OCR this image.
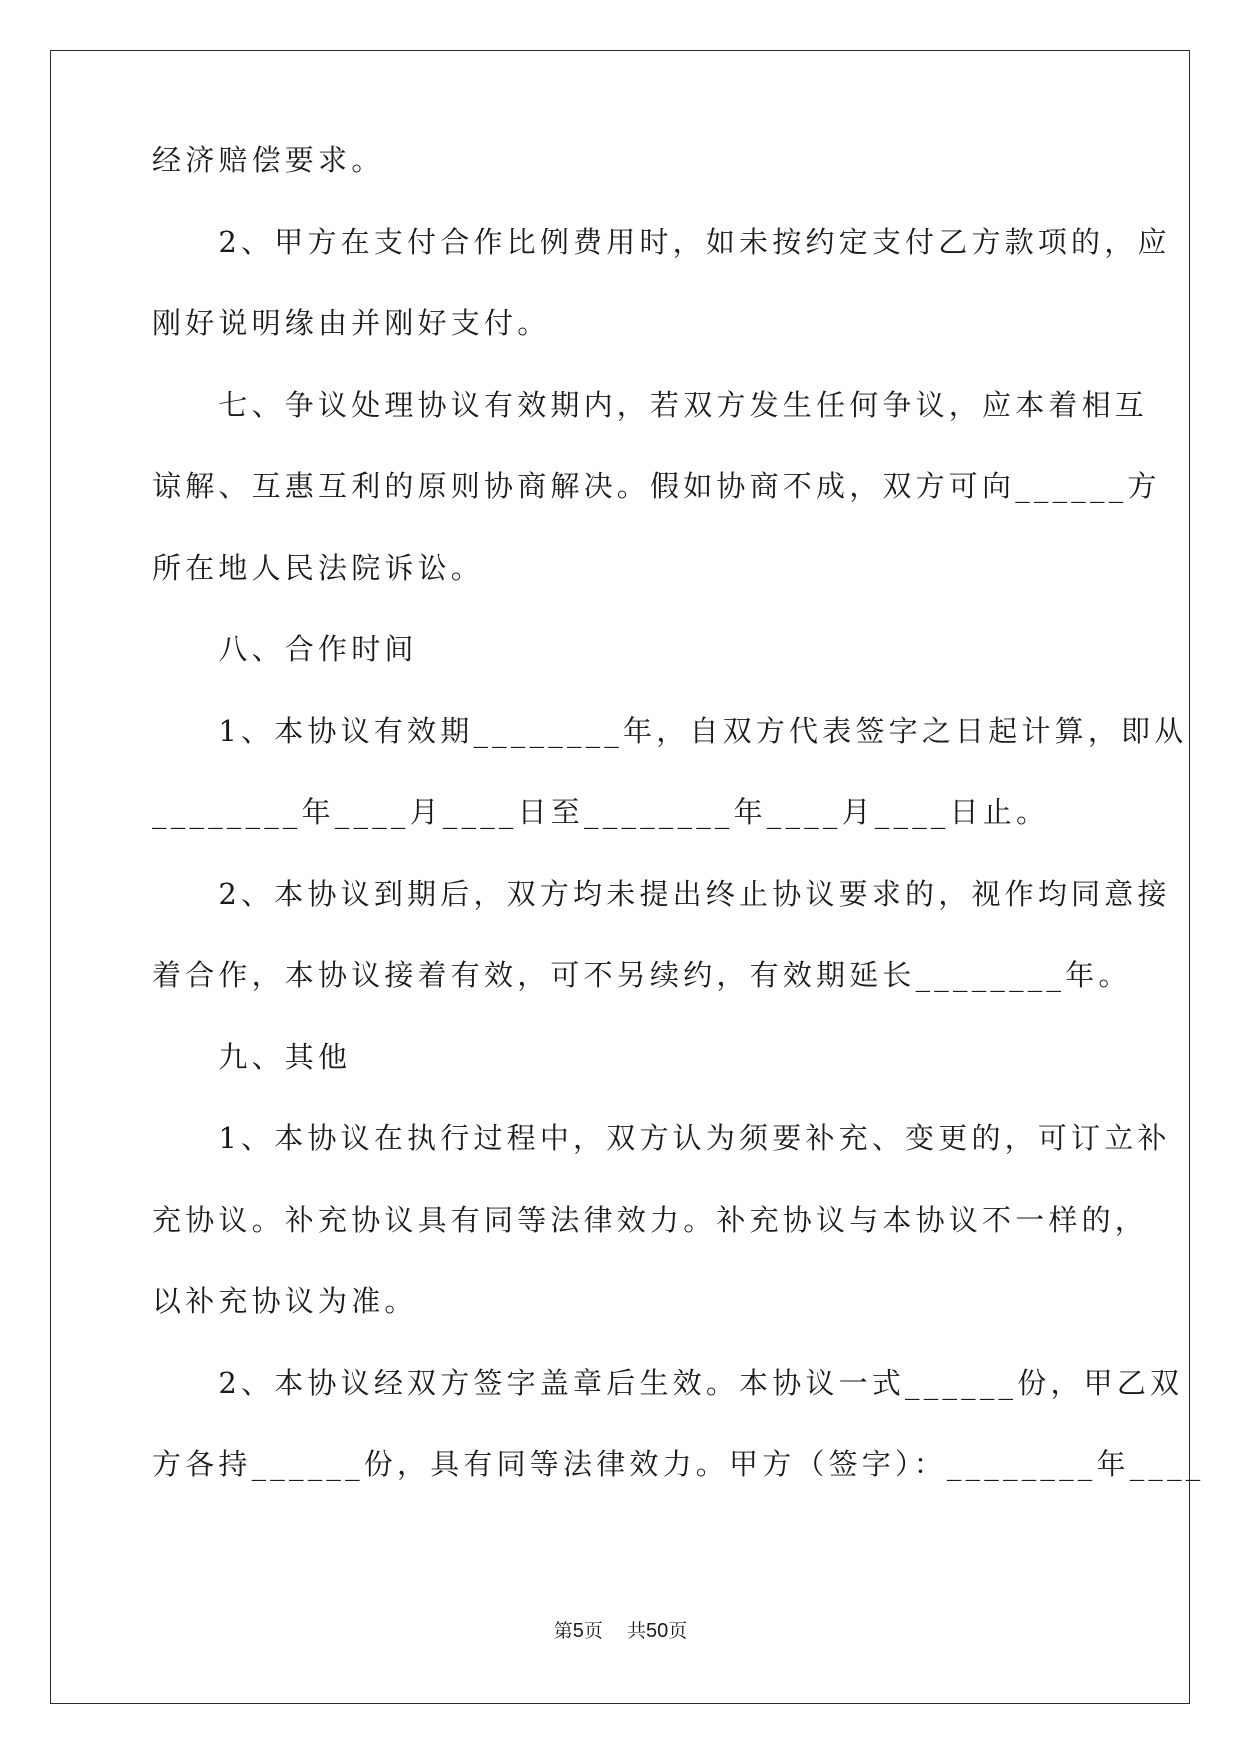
经济赔偿要求。
　　2、甲方在支付合作比例费用时，如未按约定支付乙方款项的，应
刚好说明缘由并刚好支付。
　　七、争议处理协议有效期内，若双方发生任何争议，应本着相互
谅解、互惠互利的原则协商解决。假如协商不成，双方可向______方
所在地人民法院诉讼。
　　八、合作时间
　　1、本协议有效期________年，自双方代表签字之日起计算，即从
________年____月____日至________年____月____日止。
　　2、本协议到期后，双方均未提出终止协议要求的，视作均同意接
着合作，本协议接着有效，可不另续约，有效期延长________年。
　　九、其他
　　1、本协议在执行过程中，双方认为须要补充、变更的，可订立补
充协议。补充协议具有同等法律效力。补充协议与本协议不一样的，
以补充协议为准。
　　2、本协议经双方签字盖章后生效。本协议一式______份，甲乙双
方各持______份，具有同等法律效力。甲方（签字）：________年____
第5页 共50页
